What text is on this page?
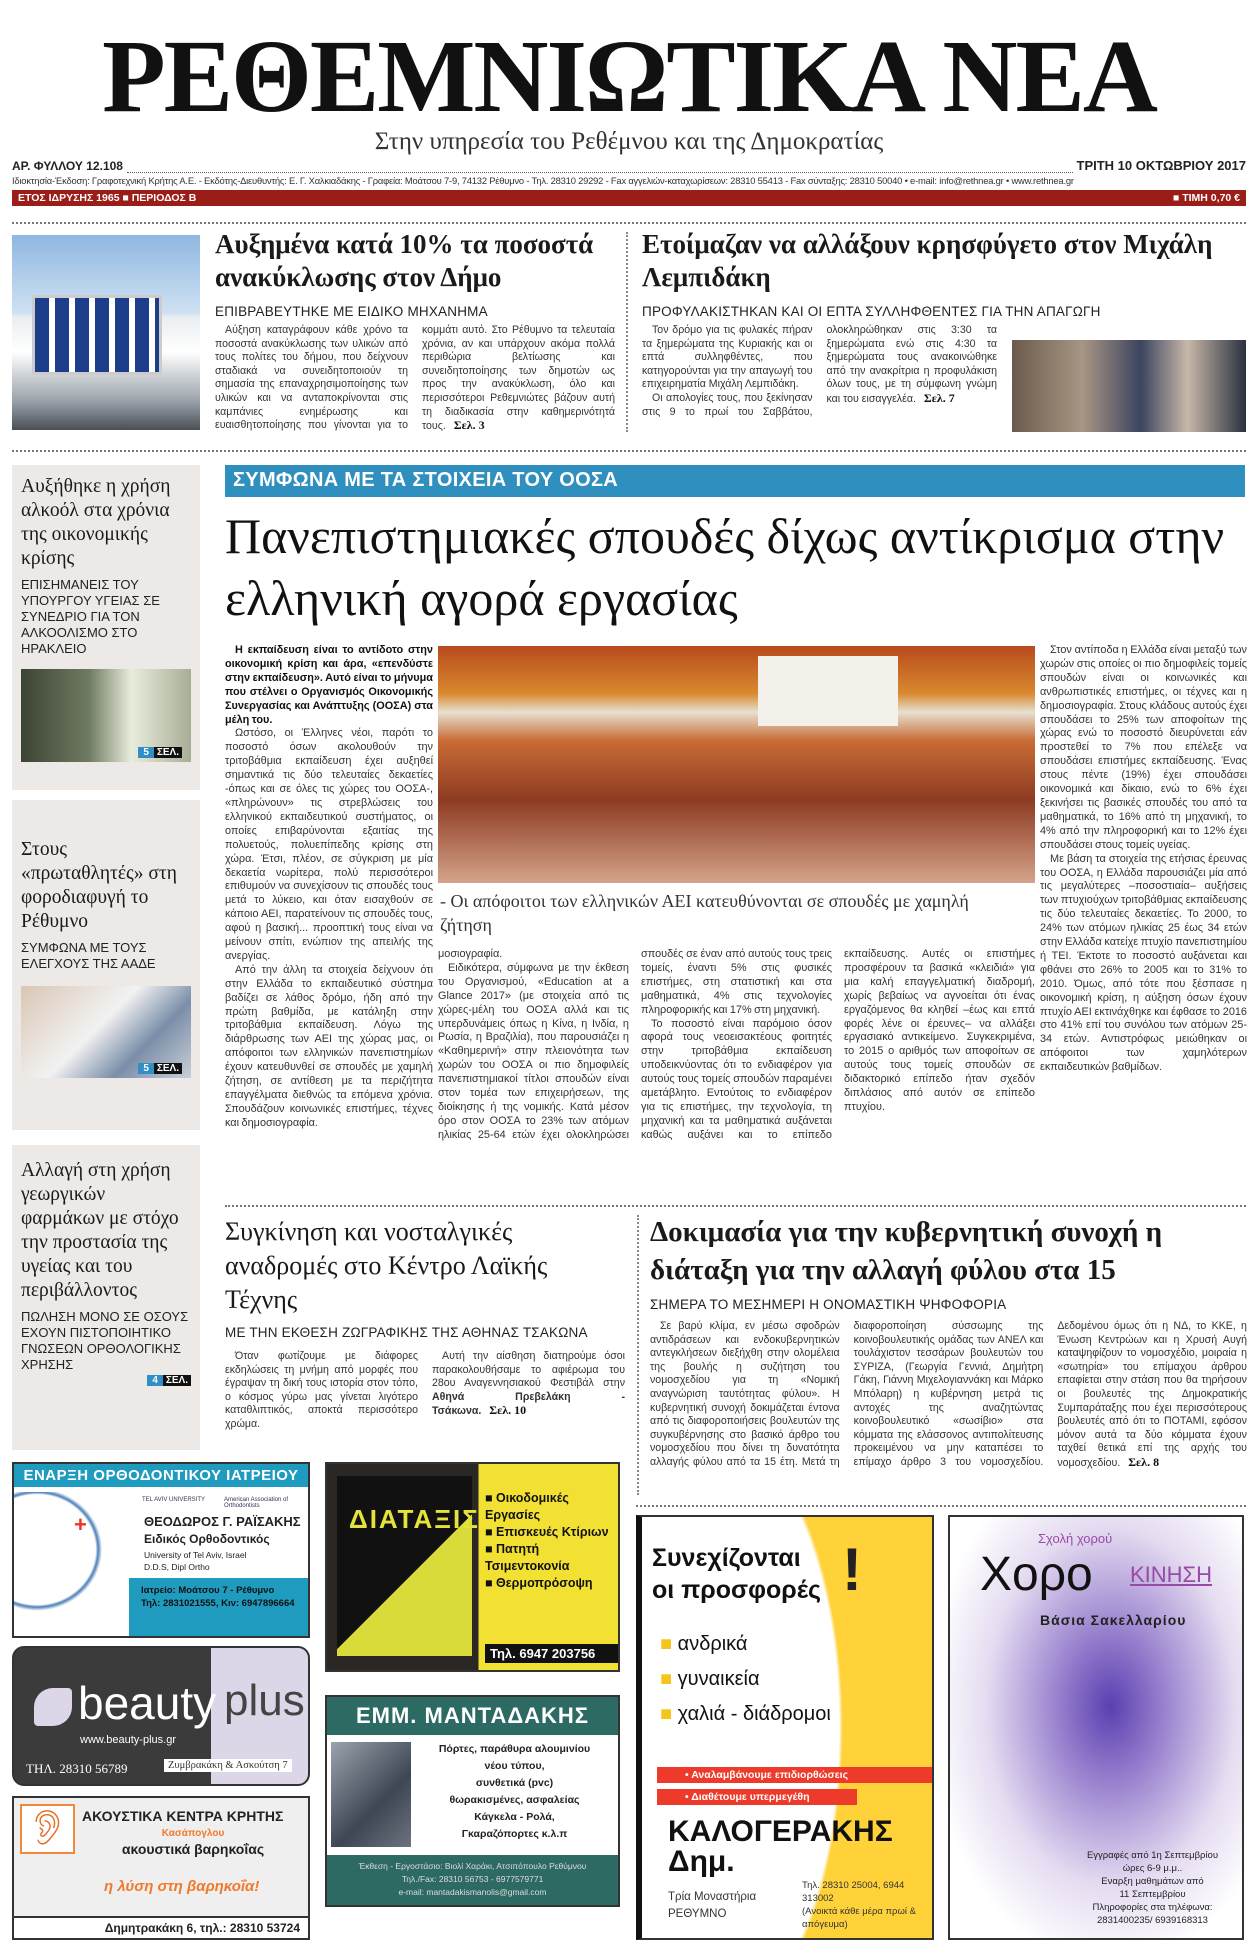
ΡΕΘΕΜΝΙΩΤΙΚΑ ΝΕΑ
Στην υπηρεσία του Ρεθέμνου και της Δημοκρατίας
ΑΡ. ΦΥΛΛΟΥ 12.108	ΤΡΙΤΗ 10 ΟΚΤΩΒΡΙΟΥ 2017
Ιδιοκτησία-Έκδοση: Γραφοτεχνική Κρήτης Α.Ε. - Εκδότης-Διευθυντής: Ε. Γ. Χαλκιαδάκης - Γραφεία: Μοάτσου 7-9, 74132 Ρέθυμνο - Τηλ. 28310 29292 - Fax αγγελιών-καταχωρίσεων: 28310 55413 - Fax σύνταξης: 28310 50040 • e-mail: info@rethnea.gr • www.rethnea.gr
ΕΤΟΣ ΙΔΡΥΣΗΣ 1965 ■ ΠΕΡΙΟΔΟΣ Β	■ ΤΙΜΗ 0,70 €
Αυξημένα κατά 10% τα ποσοστά ανακύκλωσης στον Δήμο
ΕΠΙΒΡΑΒΕΥΤΗΚΕ ΜΕ ΕΙΔΙΚΟ ΜΗΧΑΝΗΜΑ

Αύξηση καταγράφουν κάθε χρόνο τα ποσοστά ανακύκλωσης των υλικών από τους πολίτες του δήμου, που δείχνουν σταδιακά να συνειδητοποιούν τη σημασία της επαναχρησιμοποίησης των υλικών και να ανταποκρίνονται στις καμπάνιες ενημέρωσης και ευαισθητοποίησης που γίνονται για το κομμάτι αυτό. Στο Ρέθυμνο τα τελευταία χρόνια, αν και υπάρχουν ακόμα πολλά περιθώρια βελτίωσης και συνειδητοποίησης των δημοτών ως προς την ανακύκλωση, όλο και περισσότεροι Ρεθεμνιώτες βάζουν αυτή τη διαδικασία στην καθημερινότητά τους. Σελ. 3

Ετοίμαζαν να αλλάξουν κρησφύγετο στον Μιχάλη Λεμπιδάκη
ΠΡΟΦΥΛΑΚΙΣΤΗΚΑΝ ΚΑΙ ΟΙ ΕΠΤΑ ΣΥΛΛΗΦΘΕΝΤΕΣ ΓΙΑ ΤΗΝ ΑΠΑΓΩΓΗ

Τον δρόμο για τις φυλακές πήραν τα ξημερώματα της Κυριακής και οι επτά συλληφθέντες, που κατηγορούνται για την απαγωγή του επιχειρηματία Μιχάλη Λεμπιδάκη.

Οι απολογίες τους, που ξεκίνησαν στις 9 το πρωί του Σαββάτου, ολοκληρώθηκαν στις 3:30 τα ξημερώματα ενώ στις 4:30 τα ξημερώματα τους ανακοινώθηκε από την ανακρίτρια η προφυλάκιση όλων τους, με τη σύμφωνη γνώμη και του εισαγγελέα. Σελ. 7

Αυξήθηκε η χρήση αλκοόλ στα χρόνια της οικονομικής κρίσης
ΕΠΙΣΗΜΑΝΕΙΣ ΤΟΥ ΥΠΟΥΡΓΟΥ ΥΓΕΙΑΣ ΣΕ ΣΥΝΕΔΡΙΟ ΓΙΑ ΤΟΝ ΑΛΚΟΟΛΙΣΜΟ ΣΤΟ ΗΡΑΚΛΕΙΟ
5 ΣΕΛ.
Στους «πρωταθλητές» στη φοροδιαφυγή το Ρέθυμνο
ΣΥΜΦΩΝΑ ΜΕ ΤΟΥΣ ΕΛΕΓΧΟΥΣ ΤΗΣ ΑΑΔΕ
5 ΣΕΛ.
Αλλαγή στη χρήση γεωργικών φαρμάκων με στόχο την προστασία της υγείας και του περιβάλλοντος
ΠΩΛΗΣΗ ΜΟΝΟ ΣΕ ΟΣΟΥΣ ΕΧΟΥΝ ΠΙΣΤΟΠΟΙΗΤΙΚΟ ΓΝΩΣΕΩΝ ΟΡΘΟΛΟΓΙΚΗΣ ΧΡΗΣΗΣ
4 ΣΕΛ.
ΣΥΜΦΩΝΑ ΜΕ ΤΑ ΣΤΟΙΧΕΙΑ ΤΟΥ ΟΟΣΑ
Πανεπιστημιακές σπουδές δίχως αντίκρισμα στην ελληνική αγορά εργασίας

Η εκπαίδευση είναι το αντίδοτο στην οικονομική κρίση και άρα, «επενδύστε στην εκπαίδευση». Αυτό είναι το μήνυμα που στέλνει ο Οργανισμός Οικονομικής Συνεργασίας και Ανάπτυξης (ΟΟΣΑ) στα μέλη του.

Ωστόσο, οι Έλληνες νέοι, παρότι το ποσοστό όσων ακολουθούν την τριτοβάθμια εκπαίδευση έχει αυξηθεί σημαντικά τις δύο τελευταίες δεκαετίες -όπως και σε όλες τις χώρες του ΟΟΣΑ-, «πληρώνουν» τις στρεβλώσεις του ελληνικού εκπαιδευτικού συστήματος, οι οποίες επιβαρύνονται εξαιτίας της πολυετούς, πολυεπίπεδης κρίσης στη χώρα. Έτσι, πλέον, σε σύγκριση με μία δεκαετία νωρίτερα, πολύ περισσότεροι επιθυμούν να συνεχίσουν τις σπουδές τους μετά το λύκειο, και όταν εισαχθούν σε κάποιο ΑΕΙ, παρατείνουν τις σπουδές τους, αφού η βασική... προοπτική τους είναι να μείνουν σπίτι, ενώπιον της απειλής της ανεργίας.

Από την άλλη τα στοιχεία δείχνουν ότι στην Ελλάδα το εκπαιδευτικό σύστημα βαδίζει σε λάθος δρόμο, ήδη από την πρώτη βαθμίδα, με κατάληξη στην τριτοβάθμια εκπαίδευση. Λόγω της διάρθρωσης των ΑΕΙ της χώρας μας, οι απόφοιτοι των ελληνικών πανεπιστημίων έχουν κατευθυνθεί σε σπουδές με χαμηλή ζήτηση, σε αντίθεση με τα περιζήτητα επαγγέλματα διεθνώς τα επόμενα χρόνια. Σπουδάζουν κοινωνικές επιστήμες, τέχνες και δημοσιογραφία.

- Οι απόφοιτοι των ελληνικών ΑΕΙ κατευθύνονται σε σπουδές με χαμηλή ζήτηση

μοσιογραφία.

Ειδικότερα, σύμφωνα με την έκθεση του Οργανισμού, «Education at a Glance 2017» (με στοιχεία από τις χώρες-μέλη του ΟΟΣΑ αλλά και τις υπερδυνάμεις όπως η Κίνα, η Ινδία, η Ρωσία, η Βραζιλία), που παρουσιάζει η «Καθημερινή» στην πλειονότητα των χωρών του ΟΟΣΑ οι πιο δημοφιλείς πανεπιστημιακοί τίτλοι σπουδών είναι στον τομέα των επιχειρήσεων, της διοίκησης ή της νομικής. Κατά μέσον όρο στον ΟΟΣΑ το 23% των ατόμων ηλικίας 25-64 ετών έχει ολοκληρώσει σπουδές σε έναν από αυτούς τους τρεις τομείς, έναντι 5% στις φυσικές επιστήμες, στη στατιστική και στα μαθηματικά, 4% στις τεχνολογίες πληροφορικής και 17% στη μηχανική.

Το ποσοστό είναι παρόμοιο όσον αφορά τους νεοεισακτέους φοιτητές στην τριτοβάθμια εκπαίδευση υποδεικνύοντας ότι το ενδιαφέρον για αυτούς τους τομείς σπουδών παραμένει αμετάβλητο. Εντούτοις το ενδιαφέρον για τις επιστήμες, την τεχνολογία, τη μηχανική και τα μαθηματικά αυξάνεται καθώς αυξάνει και το επίπεδο εκπαίδευσης. Αυτές οι επιστήμες προσφέρουν τα βασικά «κλειδιά» για μια καλή επαγγελματική διαδρομή, χωρίς βεβαίως να αγνοείται ότι ένας εργαζόμενος θα κληθεί –έως και επτά φορές λένε οι έρευνες– να αλλάξει εργασιακό αντικείμενο. Συγκεκριμένα, το 2015 ο αριθμός των αποφοίτων σε αυτούς τους τομείς σπουδών σε διδακτορικό επίπεδο ήταν σχεδόν διπλάσιος από αυτόν σε επίπεδο πτυχίου.

Στον αντίποδα η Ελλάδα είναι μεταξύ των χωρών στις οποίες οι πιο δημοφιλείς τομείς σπουδών είναι οι κοινωνικές και ανθρωπιστικές επιστήμες, οι τέχνες και η δημοσιογραφία. Στους κλάδους αυτούς έχει σπουδάσει το 25% των αποφοίτων της χώρας ενώ το ποσοστό διευρύνεται εάν προστεθεί το 7% που επέλεξε να σπουδάσει επιστήμες εκπαίδευσης. Ένας στους πέντε (19%) έχει σπουδάσει οικονομικά και δίκαιο, ενώ το 6% έχει ξεκινήσει τις βασικές σπουδές του από τα μαθηματικά, το 16% από τη μηχανική, το 4% από την πληροφορική και το 12% έχει σπουδάσει στους τομείς υγείας.

Με βάση τα στοιχεία της ετήσιας έρευνας του ΟΟΣΑ, η Ελλάδα παρουσιάζει μία από τις μεγαλύτερες –ποσοστιαία– αυξήσεις των πτυχιούχων τριτοβάθμιας εκπαίδευσης τις δύο τελευταίες δεκαετίες. Το 2000, το 24% των ατόμων ηλικίας 25 έως 34 ετών στην Ελλάδα κατείχε πτυχίο πανεπιστημίου ή ΤΕΙ. Έκτοτε το ποσοστό αυξάνεται και φθάνει στο 26% το 2005 και το 31% το 2010. Όμως, από τότε που ξέσπασε η οικονομική κρίση, η αύξηση όσων έχουν πτυχίο ΑΕΙ εκτινάχθηκε και έφθασε το 2016 στο 41% επί του συνόλου των ατόμων 25-34 ετών. Αντιστρόφως μειώθηκαν οι απόφοιτοι των χαμηλότερων εκπαιδευτικών βαθμίδων.

Συγκίνηση και νοσταλγικές αναδρομές στο Κέντρο Λαϊκής Τέχνης
ΜΕ ΤΗΝ ΕΚΘΕΣΗ ΖΩΓΡΑΦΙΚΗΣ ΤΗΣ ΑΘΗΝΑΣ ΤΣΑΚΩΝΑ

Όταν φωτίζουμε με διάφορες εκδηλώσεις τη μνήμη από μορφές που έγραψαν τη δική τους ιστορία στον τόπο, ο κόσμος γύρω μας γίνεται λιγότερο καταθλιπτικός, αποκτά περισσότερο χρώμα.

Αυτή την αίσθηση διατηρούμε όσοι παρακολουθήσαμε το αφιέρωμα του 28ου Αναγεννησιακού Φεστιβάλ στην Αθηνά Πρεβελάκη - Τσάκωνα. Σελ. 10

Δοκιμασία για την κυβερνητική συνοχή η διάταξη για την αλλαγή φύλου στα 15
ΣΗΜΕΡΑ ΤΟ ΜΕΣΗΜΕΡΙ Η ΟΝΟΜΑΣΤΙΚΗ ΨΗΦΟΦΟΡΙΑ

Σε βαρύ κλίμα, εν μέσω σφοδρών αντιδράσεων και ενδοκυβερνητικών αντεγκλήσεων διεξήχθη στην ολομέλεια της βουλής η συζήτηση του νομοσχεδίου για τη «Νομική αναγνώριση ταυτότητας φύλου». Η κυβερνητική συνοχή δοκιμάζεται έντονα από τις διαφοροποιήσεις βουλευτών της συγκυβέρνησης στο βασικό άρθρο του νομοσχεδίου που δίνει τη δυνατότητα αλλαγής φύλου από τα 15 έτη. Μετά τη διαφοροποίηση σύσσωμης της κοινοβουλευτικής ομάδας των ΑΝΕΛ και τουλάχιστον τεσσάρων βουλευτών του ΣΥΡΙΖΑ, (Γεωργία Γεννιά, Δημήτρη Γάκη, Γιάννη Μιχελογιαννάκη και Μάρκο Μπόλαρη) η κυβέρνηση μετρά τις αντοχές της αναζητώντας κοινοβουλευτικό «σωσίβιο» στα κόμματα της ελάσσονος αντιπολίτευσης προκειμένου να μην καταπέσει το επίμαχο άρθρο 3 του νομοσχεδίου. Δεδομένου όμως ότι η ΝΔ, το ΚΚΕ, η Ένωση Κεντρώων και η Χρυσή Αυγή καταψηφίζουν το νομοσχέδιο, μοιραία η «σωτηρία» του επίμαχου άρθρου επαφίεται στην στάση που θα τηρήσουν οι βουλευτές της Δημοκρατικής Συμπαράταξης που έχει περισσότερους βουλευτές από ότι το ΠΟΤΑΜΙ, εφόσον μόνον αυτά τα δύο κόμματα έχουν ταχθεί θετικά επί της αρχής του νομοσχεδίου. Σελ. 8

ΕΝΑΡΞΗ ΟΡΘΟΔΟΝΤΙΚΟΥ ΙΑΤΡΕΙΟΥ
+
TEL AVIV UNIVERSITY	American Association of Orthodontists
ΘΕΟΔΩΡΟΣ Γ. ΡΑΪΣΑΚΗΣ
Ειδικός Ορθοδοντικός
University of Tel Aviv, Israel
D.D.S, Dipl Ortho
Ιατρείο: Μοάτσου 7 - Ρέθυμνο
Τηλ: 2831021555, Κιν: 6947896664
beauty plus
www.beauty-plus.gr
ΤΗΛ. 28310 56789	Ζυμβρακάκη & Ασκούτση 7
👂︎ ΑΚΟΥΣΤΙΚΑ ΚΕΝΤΡΑ ΚΡΗΤΗΣ
Κασάπογλου
ακουστικά βαρηκοΐας
η λύση στη βαρηκοΐα!
Δημητρακάκη 6, τηλ.: 28310 53724
ΔΙΑΤΑΞΙΣ
■ Οικοδομικές Εργασίες
■ Επισκευές Κτίριων
■ Πατητή Τσιμεντοκονία
■ Θερμοπρόσοψη
Τηλ. 6947 203756
ΕΜΜ. ΜΑΝΤΑΔΑΚΗΣ
Πόρτες, παράθυρα αλουμινίου
νέου τύπου,
συνθετικά (pvc)
θωρακισμένες, ασφαλείας
Κάγκελα - Ρολά,
Γκαραζόπορτες κ.λ.π
Έκθεση - Εργοστάσιο: Βιολί Χαράκι, Ατσιπόπουλο Ρεθύμνου
Τηλ./Fax: 28310 56753 - 6977579771
e-mail: mantadakismanolis@gmail.com
Συνεχίζονται
οι προσφορές !
■ ανδρικά
■ γυναικεία
■ χαλιά - διάδρομοι
• Αναλαμβάνουμε επιδιορθώσεις
• Διαθέτουμε υπερμεγέθη
ΚΑΛΟΓΕΡΑΚΗΣ
Δημ.
Τρία Μοναστήρια
ΡΕΘΥΜΝΟ
Τηλ. 28310 25004, 6944 313002
(Ανοικτά κάθε μέρα πρωί & απόγευμα)
Σχολή χορού
Χορο ΚΙΝΗΣΗ
Βάσια Σακελλαρίου
Εγγραφές από 1η Σεπτεμβρίου
ώρες 6-9 μ.μ..
Εναρξη μαθημάτων από
11 Σεπτεμβρίου
Πληροφορίες στα τηλέφωνα:
2831400235/ 6939168313
